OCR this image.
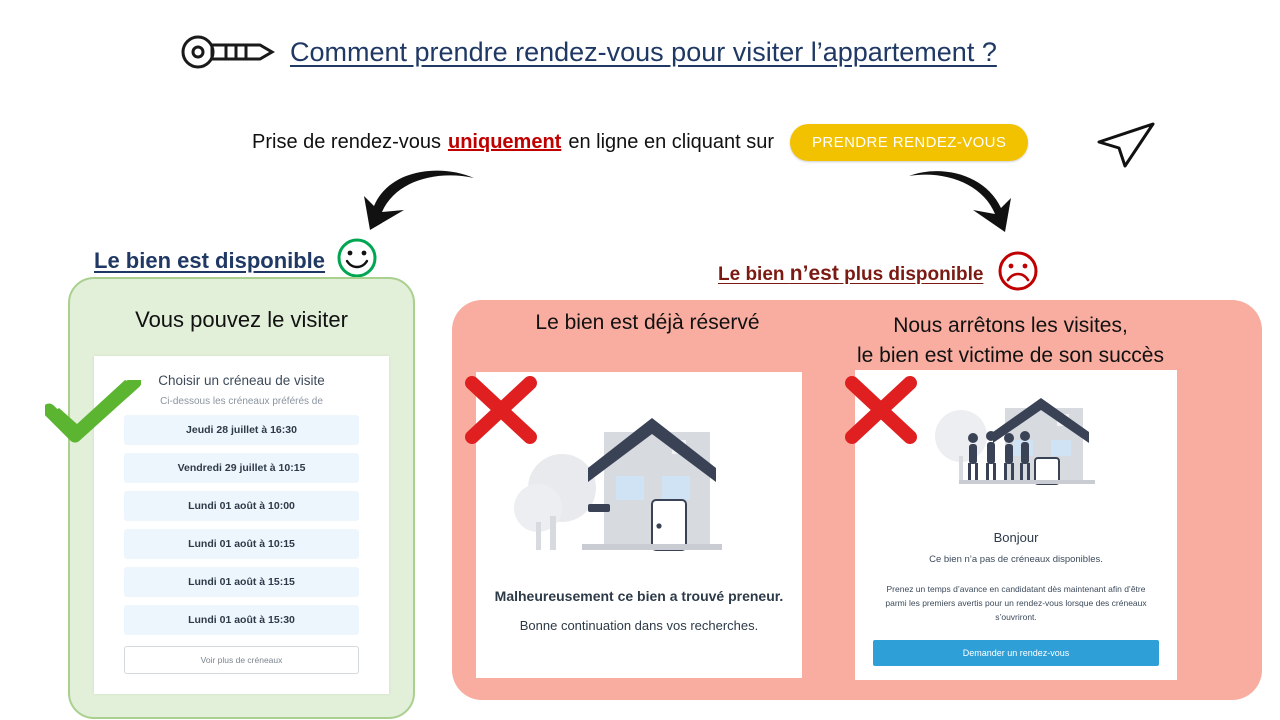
Comment prendre rendez-vous pour visiter l’appartement ?
Prise de rendez-vous uniquement en ligne en cliquant sur	PRENDRE RENDEZ-VOUS
Le bien est disponible
Vous pouvez le visiter
Choisir un créneau de visite
Ci-dessous les créneaux préférés de
Jeudi 28 juillet à 16:30
Vendredi 29 juillet à 10:15
Lundi 01 août à 10:00
Lundi 01 août à 10:15
Lundi 01 août à 15:15
Lundi 01 août à 15:30
Voir plus de créneaux
Le bien n’est plus disponible
Le bien est déjà réservé	Nous arrêtons les visites,
le bien est victime de son succès
Malheureusement ce bien a trouvé preneur.
Bonne continuation dans vos recherches.
Bonjour
Ce bien n’a pas de créneaux disponibles.
Prenez un temps d’avance en candidatant dès maintenant afin d’être parmi les premiers avertis pour un rendez-vous lorsque des créneaux s’ouvriront.
Demander un rendez-vous
